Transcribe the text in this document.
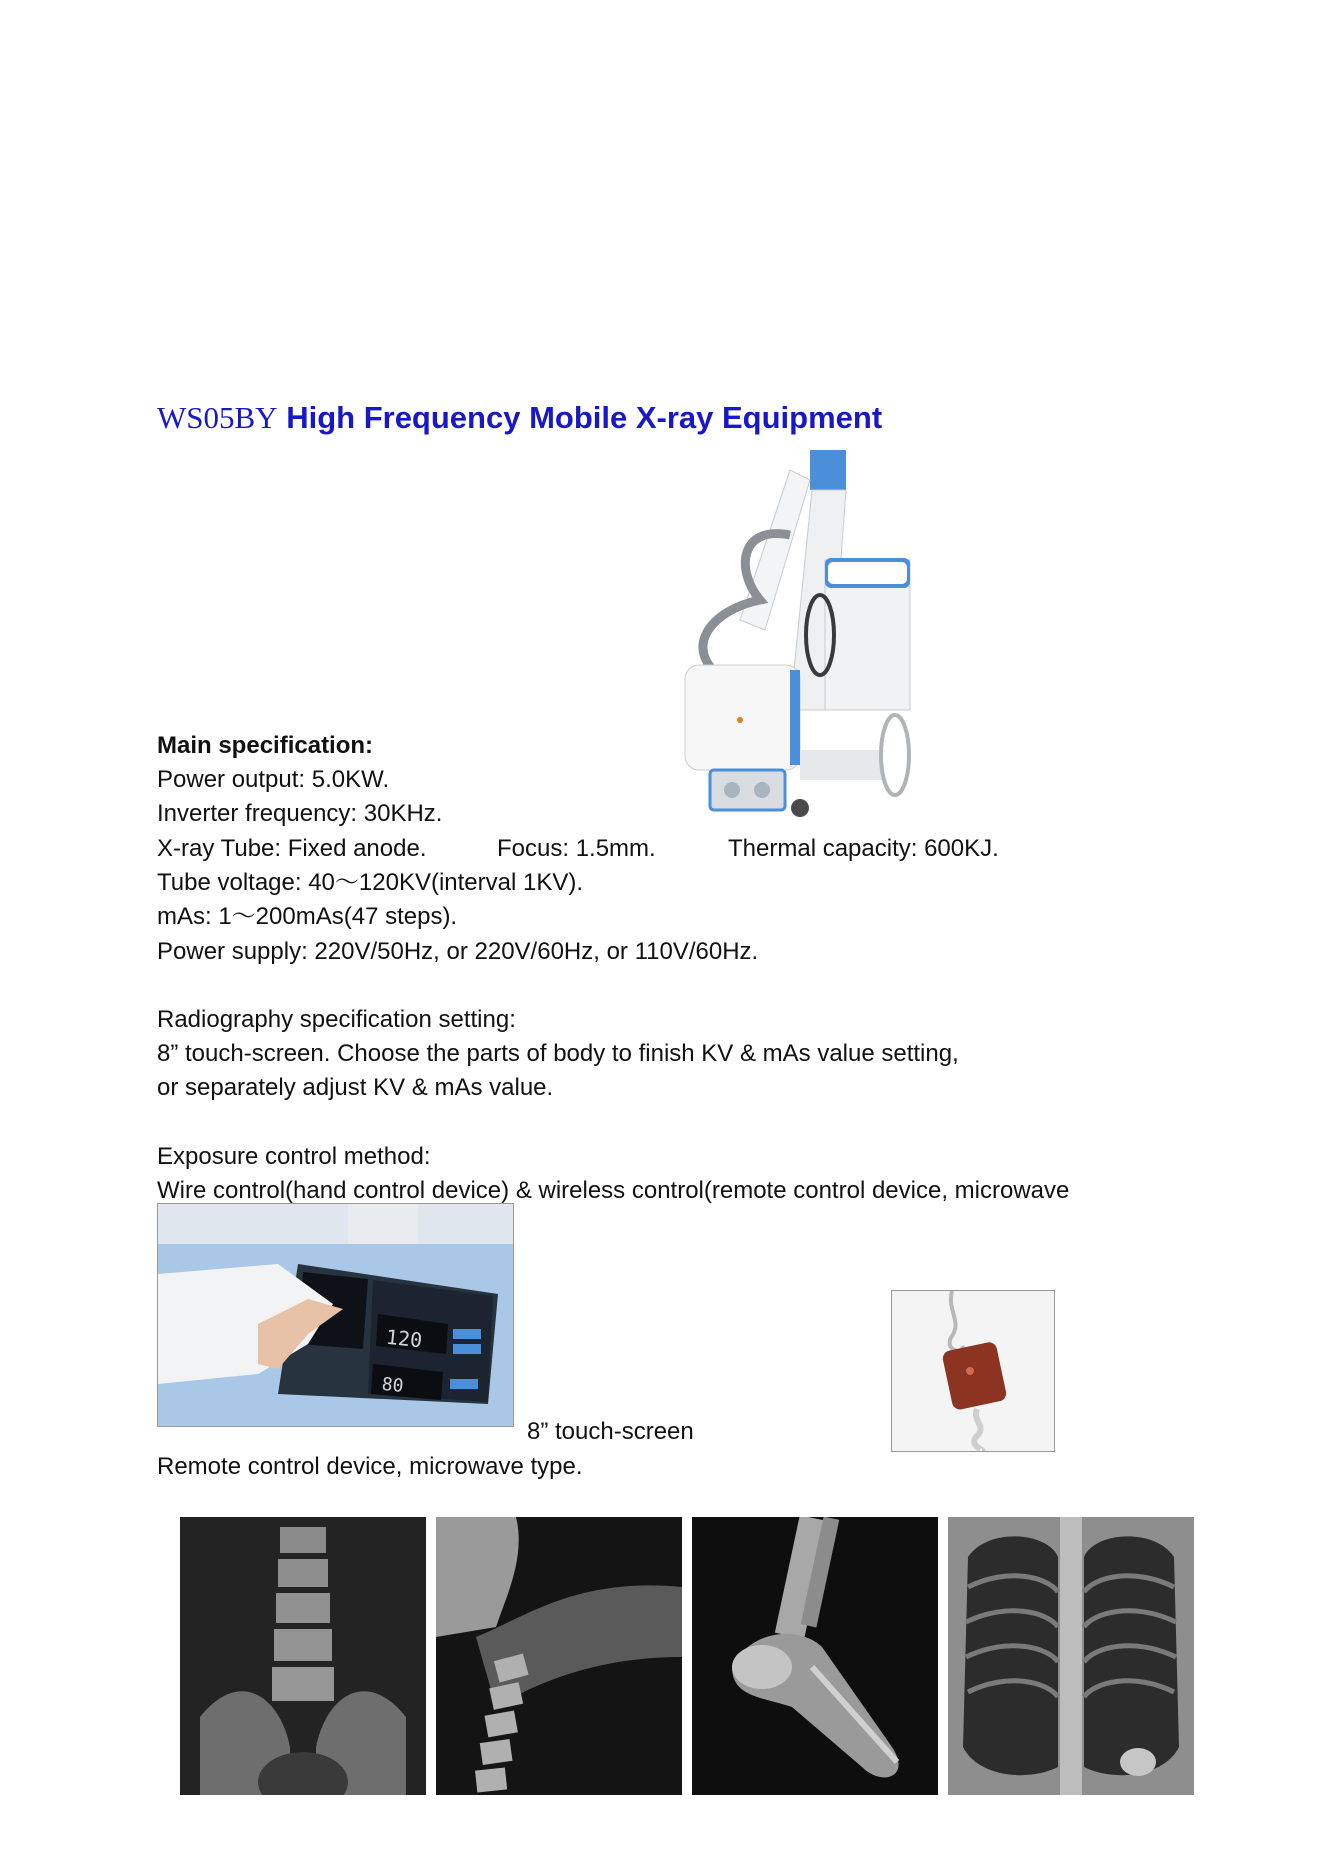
WS05BY High Frequency Mobile X-ray Equipment
Main specification:
Power output: 5.0KW.
Inverter frequency: 30KHz.
X-ray Tube: Fixed anode.	Focus: 1.5mm.	Thermal capacity: 600KJ.
Tube voltage: 40～120KV(interval 1KV).
mAs: 1～200mAs(47 steps).
Power supply: 220V/50Hz, or 220V/60Hz, or 110V/60Hz.
Radiography specification setting:
8” touch-screen. Choose the parts of body to finish KV & mAs value setting,
or separately adjust KV & mAs value.
Exposure control method:
Wire control(hand control device) & wireless control(remote control device, microwave
120
80
8” touch-screen
Remote control device, microwave type.
